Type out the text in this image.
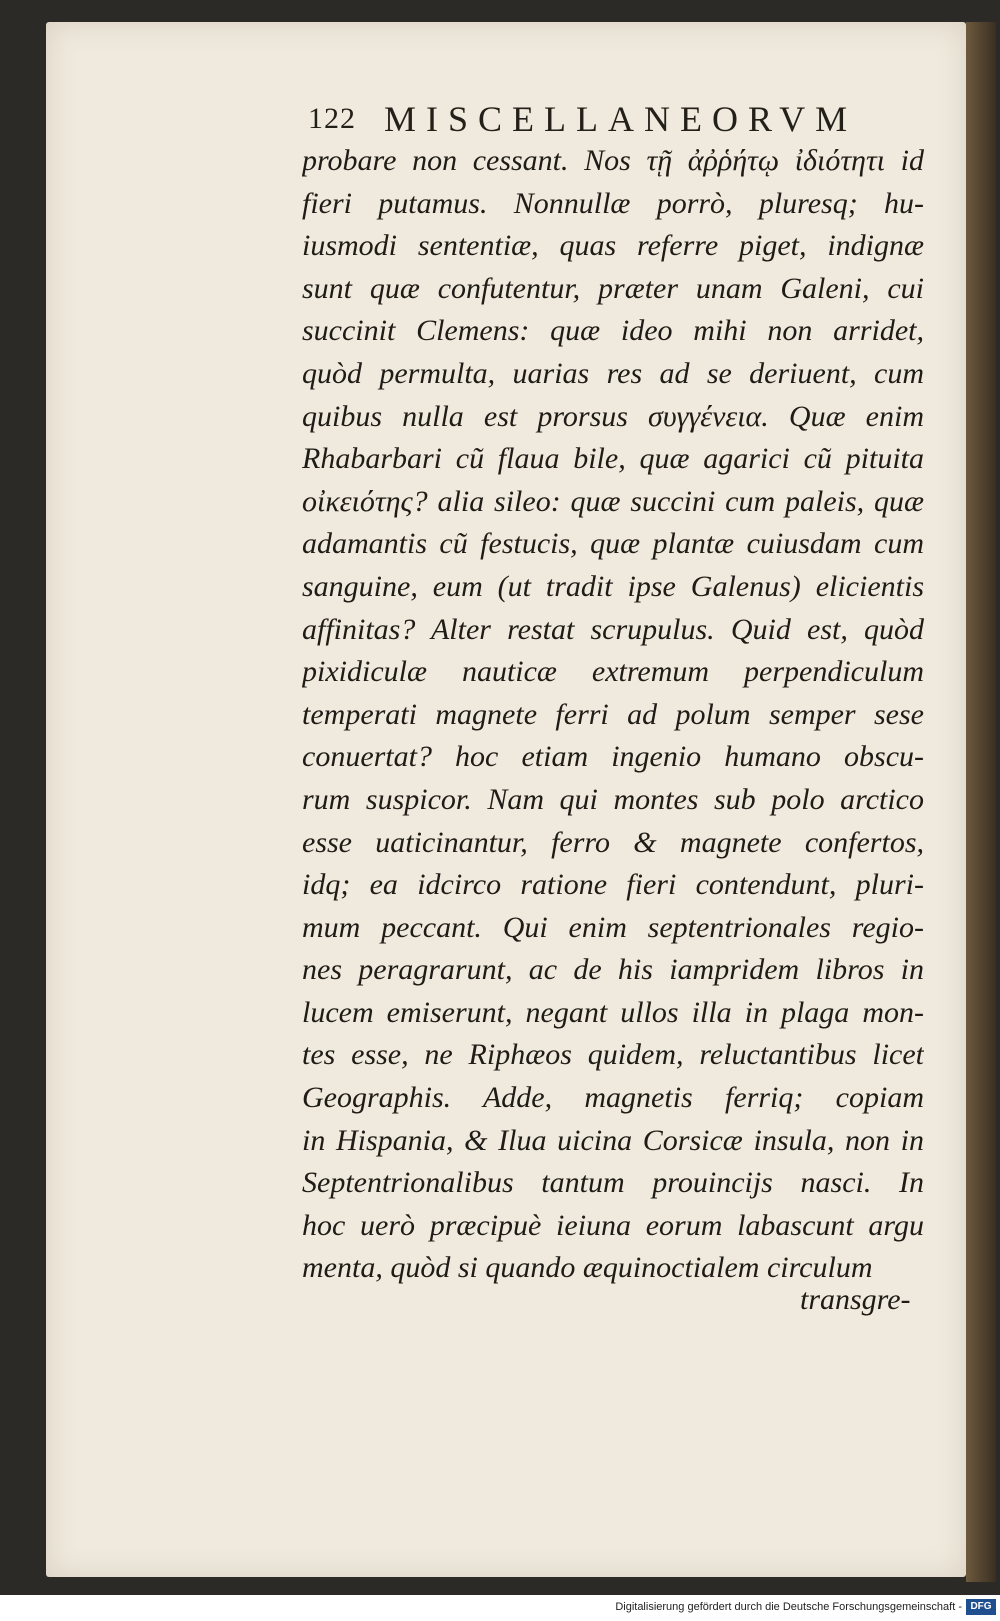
122 MISCELLANEORVM
probare non cessant. Nos τῇ ἀῤῥήτῳ ἰδιότητι id
fieri putamus. Nonnullæ porrò, pluresq; hu-
iusmodi sententiæ, quas referre piget, indignæ
sunt quæ confutentur, præter unam Galeni, cui
succinit Clemens: quæ ideo mihi non arridet,
quòd permulta, uarias res ad se deriuent, cum
quibus nulla est prorsus συγγένεια. Quæ enim
Rhabarbari cũ flaua bile, quæ agarici cũ pituita
οἰκειότης? alia sileo: quæ succini cum paleis, quæ
adamantis cũ festucis, quæ plantæ cuiusdam cum
sanguine, eum (ut tradit ipse Galenus) elicientis
affinitas? Alter restat scrupulus. Quid est, quòd
pixidiculæ nauticæ extremum perpendiculum
temperati magnete ferri ad polum semper sese
conuertat? hoc etiam ingenio humano obscu-
rum suspicor. Nam qui montes sub polo arctico
esse uaticinantur, ferro & magnete confertos,
idq; ea idcirco ratione fieri contendunt, pluri-
mum peccant. Qui enim septentrionales regio-
nes peragrarunt, ac de his iampridem libros in
lucem emiserunt, negant ullos illa in plaga mon-
tes esse, ne Riphæos quidem, reluctantibus licet
Geographis. Adde, magnetis ferriq; copiam
in Hispania, & Ilua uicina Corsicæ insula, non in
Septentrionalibus tantum prouincijs nasci. In
hoc uerò præcipuè ieiuna eorum labascunt argu
menta, quòd si quando æquinoctialem circulum
transgre-
Digitalisierung gefördert durch die Deutsche Forschungsgemeinschaft - DFG
